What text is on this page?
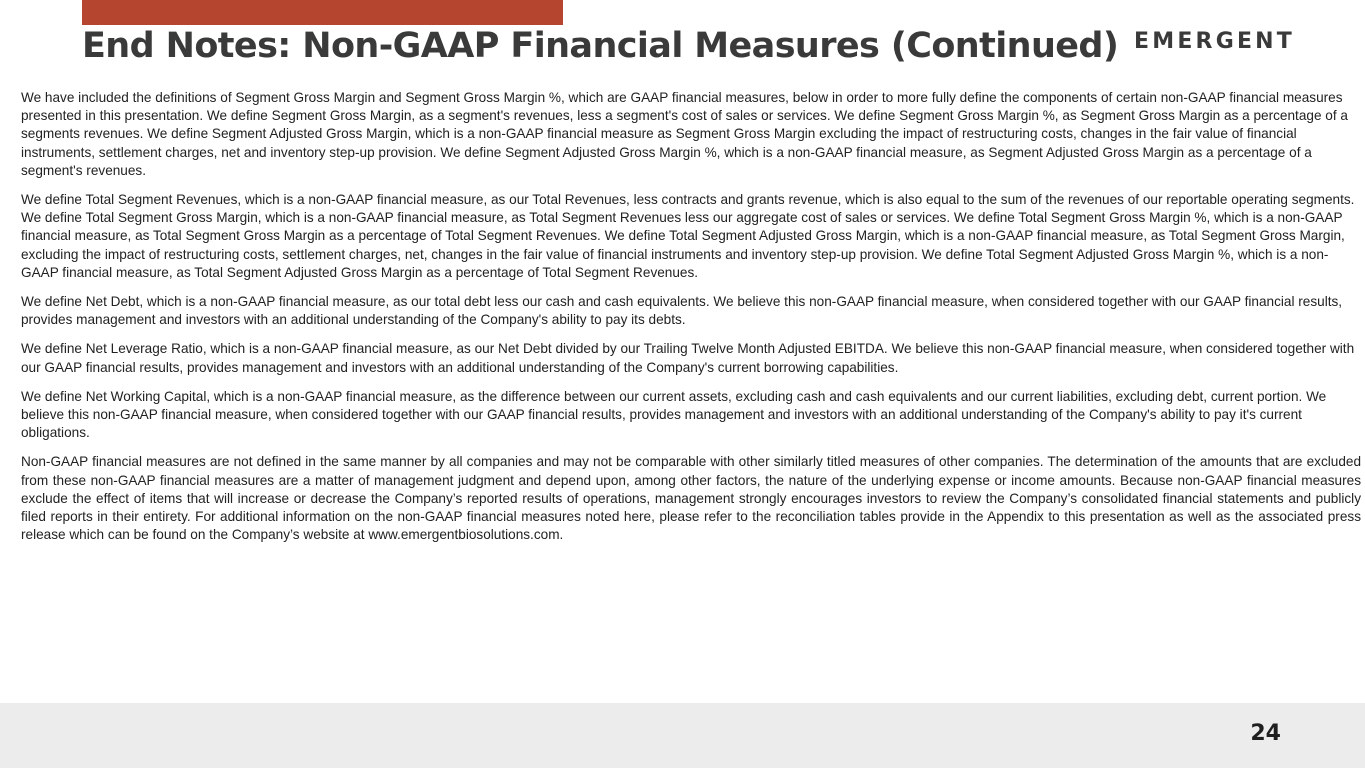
End Notes: Non-GAAP Financial Measures (Continued) EMERGENT

We have included the definitions of Segment Gross Margin and Segment Gross Margin %, which are GAAP financial measures, below in order to more fully define the components of certain non-GAAP financial measures presented in this presentation. We define Segment Gross Margin, as a segment's revenues, less a segment's cost of sales or services. We define Segment Gross Margin %, as Segment Gross Margin as a percentage of a segments revenues. We define Segment Adjusted Gross Margin, which is a non-GAAP financial measure as Segment Gross Margin excluding the impact of restructuring costs, changes in the fair value of financial instruments, settlement charges, net and inventory step-up provision. We define Segment Adjusted Gross Margin %, which is a non-GAAP financial measure, as Segment Adjusted Gross Margin as a percentage of a segment's revenues.

We define Total Segment Revenues, which is a non-GAAP financial measure, as our Total Revenues, less contracts and grants revenue, which is also equal to the sum of the revenues of our reportable operating segments. We define Total Segment Gross Margin, which is a non-GAAP financial measure, as Total Segment Revenues less our aggregate cost of sales or services. We define Total Segment Gross Margin %, which is a non-GAAP financial measure, as Total Segment Gross Margin as a percentage of Total Segment Revenues. We define Total Segment Adjusted Gross Margin, which is a non-GAAP financial measure, as Total Segment Gross Margin, excluding the impact of restructuring costs, settlement charges, net, changes in the fair value of financial instruments and inventory step-up provision. We define Total Segment Adjusted Gross Margin %, which is a non-GAAP financial measure, as Total Segment Adjusted Gross Margin as a percentage of Total Segment Revenues.

We define Net Debt, which is a non-GAAP financial measure, as our total debt less our cash and cash equivalents. We believe this non-GAAP financial measure, when considered together with our GAAP financial results, provides management and investors with an additional understanding of the Company's ability to pay its debts.

We define Net Leverage Ratio, which is a non-GAAP financial measure, as our Net Debt divided by our Trailing Twelve Month Adjusted EBITDA. We believe this non-GAAP financial measure, when considered together with our GAAP financial results, provides management and investors with an additional understanding of the Company's current borrowing capabilities.

We define Net Working Capital, which is a non-GAAP financial measure, as the difference between our current assets, excluding cash and cash equivalents and our current liabilities, excluding debt, current portion. We believe this non-GAAP financial measure, when considered together with our GAAP financial results, provides management and investors with an additional understanding of the Company's ability to pay it's current obligations.

Non-GAAP financial measures are not defined in the same manner by all companies and may not be comparable with other similarly titled measures of other companies. The determination of the amounts that are excluded from these non-GAAP financial measures are a matter of management judgment and depend upon, among other factors, the nature of the underlying expense or income amounts. Because non-GAAP financial measures exclude the effect of items that will increase or decrease the Company’s reported results of operations, management strongly encourages investors to review the Company’s consolidated financial statements and publicly filed reports in their entirety. For additional information on the non-GAAP financial measures noted here, please refer to the reconciliation tables provide in the Appendix to this presentation as well as the associated press release which can be found on the Company’s website at www.emergentbiosolutions.com.

24
